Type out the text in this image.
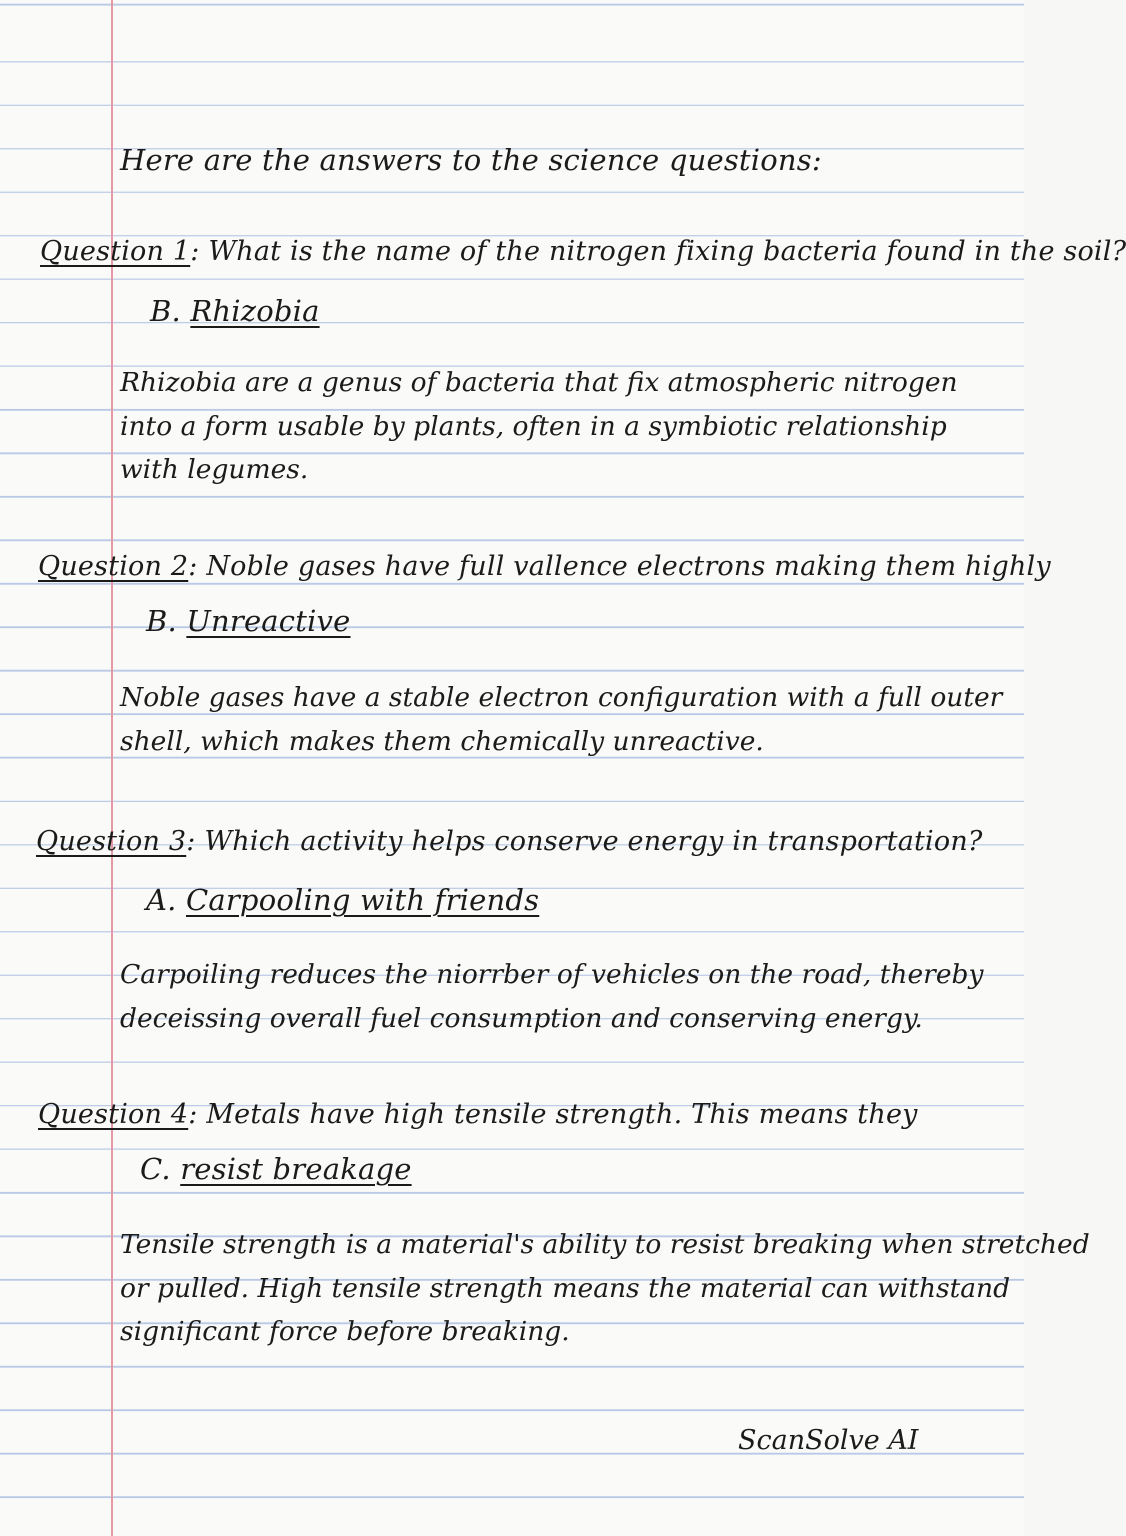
Here are the answers to the science questions:
Question 1: What is the name of the nitrogen fixing bacteria found in the soil?
B. Rhizobia
Rhizobia are a genus of bacteria that fix atmospheric nitrogen
into a form usable by plants, often in a symbiotic relationship
with legumes.
Question 2: Noble gases have full vallence electrons making them highly
B. Unreactive
Noble gases have a stable electron configuration with a full outer
shell, which makes them chemically unreactive.
Question 3: Which activity helps conserve energy in transportation?
A. Carpooling with friends
Carpoiling reduces the niorrber of vehicles on the road, thereby
deceissing overall fuel consumption and conserving energy.
Question 4: Metals have high tensile strength. This means they
C. resist breakage
Tensile strength is a material's ability to resist breaking when stretched
or pulled. High tensile strength means the material can withstand
significant force before breaking.
ScanSolve AI
